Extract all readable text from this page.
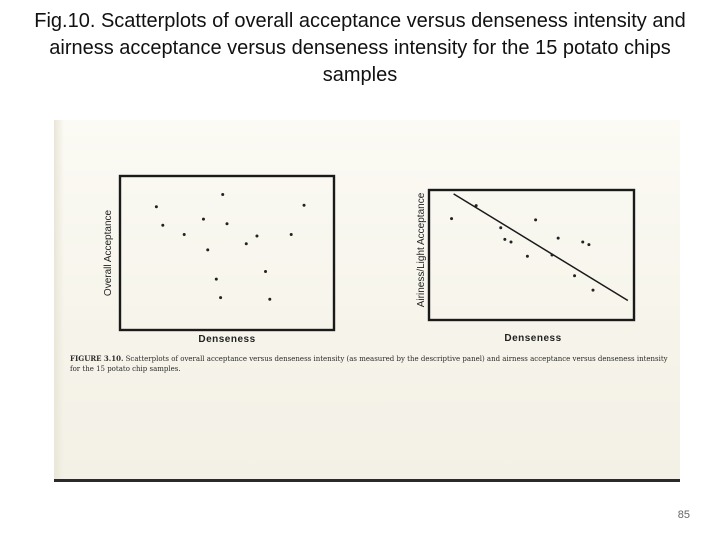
Fig.10. Scatterplots of overall acceptance versus denseness intensity and airness acceptance versus denseness intensity for the 15 potato chips samples
Denseness
Overall Acceptance
Denseness
Airiness/Light Acceptance
FIGURE 3.10. Scatterplots of overall acceptance versus denseness intensity (as measured by the descriptive panel) and airness acceptance versus denseness intensity for the 15 potato chip samples.
85
